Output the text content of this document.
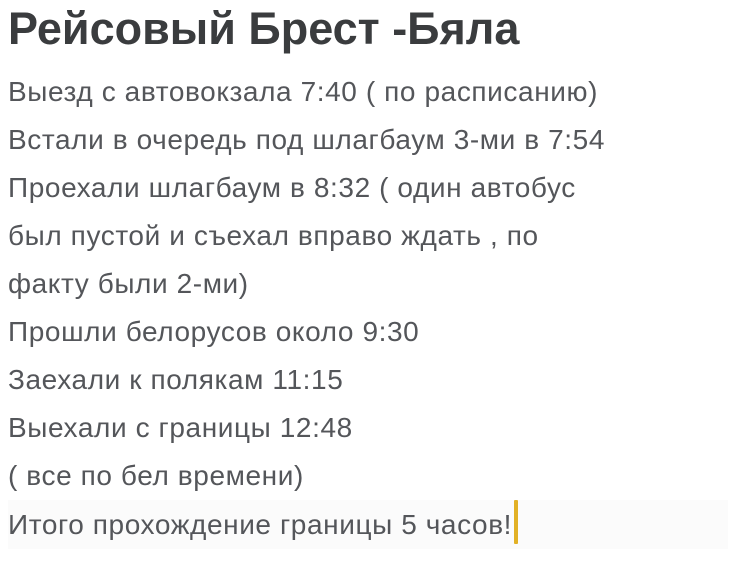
Рейсовый Брест -Бяла
Выезд с автовокзала 7:40 ( по расписанию)
Встали в очередь под шлагбаум 3-ми в 7:54
Проехали шлагбаум в 8:32 ( один автобус
был пустой и съехал вправо ждать , по
факту были 2-ми)
Прошли белорусов около 9:30
Заехали к полякам 11:15
Выехали с границы 12:48
( все по бел времени)
Итого прохождение границы 5 часов!
